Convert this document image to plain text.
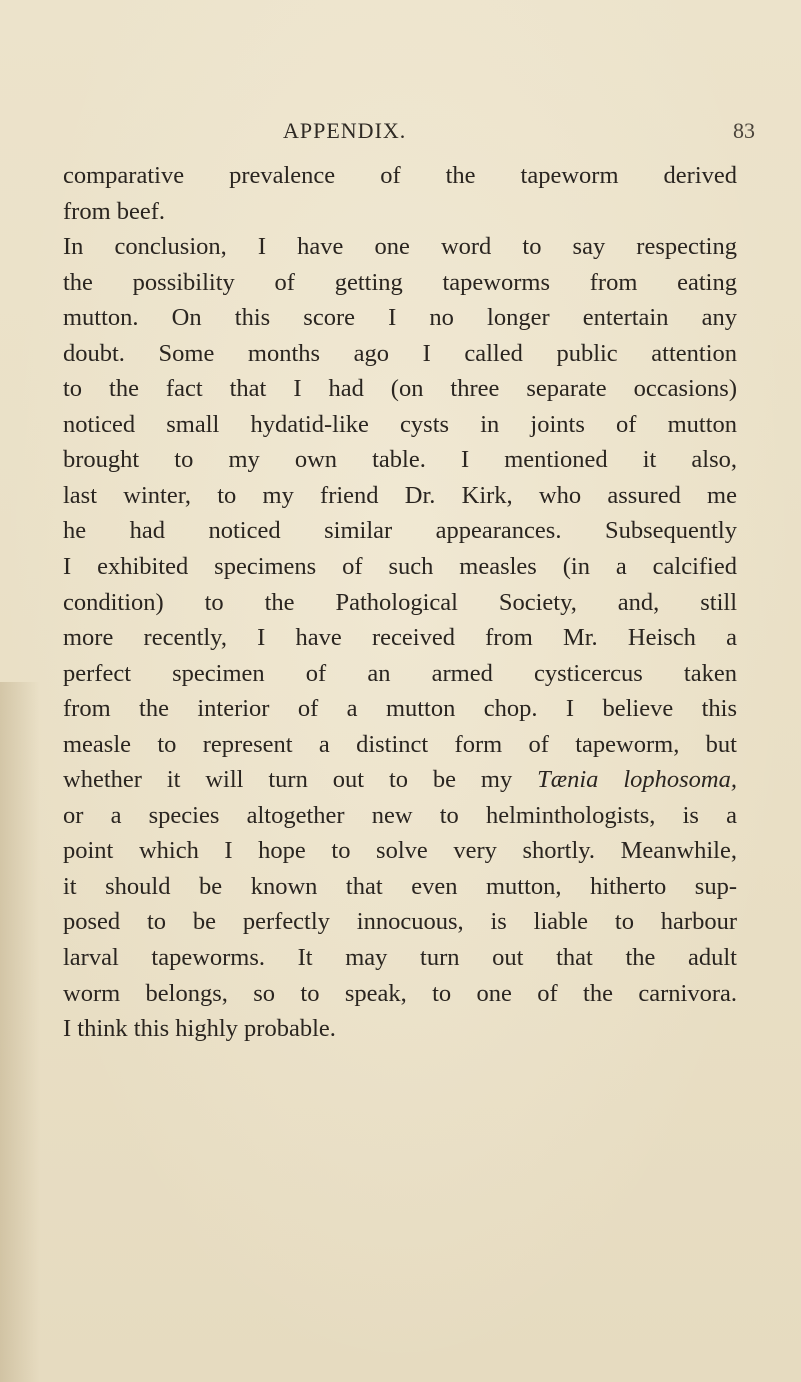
APPENDIX.	83
comparative prevalence of the tapeworm derived
from beef.
In conclusion, I have one word to say respecting
the possibility of getting tapeworms from eating
mutton. On this score I no longer entertain any
doubt. Some months ago I called public attention
to the fact that I had (on three separate occasions)
noticed small hydatid-like cysts in joints of mutton
brought to my own table. I mentioned it also,
last winter, to my friend Dr. Kirk, who assured me
he had noticed similar appearances. Subsequently
I exhibited specimens of such measles (in a calcified
condition) to the Pathological Society, and, still
more recently, I have received from Mr. Heisch a
perfect specimen of an armed cysticercus taken
from the interior of a mutton chop. I believe this
measle to represent a distinct form of tapeworm, but
whether it will turn out to be my Tænia lophosoma,
or a species altogether new to helminthologists, is a
point which I hope to solve very shortly. Meanwhile,
it should be known that even mutton, hitherto sup-
posed to be perfectly innocuous, is liable to harbour
larval tapeworms. It may turn out that the adult
worm belongs, so to speak, to one of the carnivora.
I think this highly probable.
